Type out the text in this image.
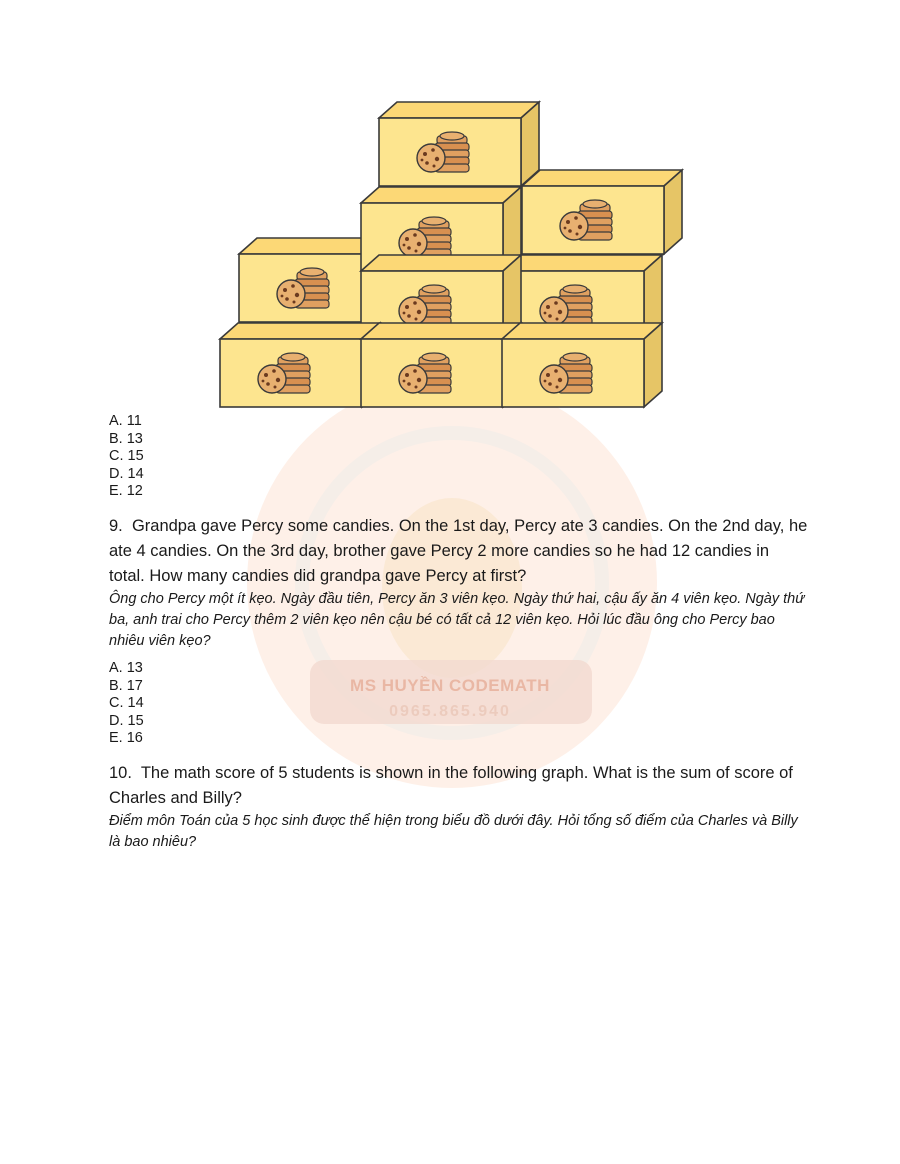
MS HUYỀN CODEMATH
0965.865.940
A. 11
B. 13
C. 15
D. 14
E. 12

9. Grandpa gave Percy some candies. On the 1st day, Percy ate 3 candies. On the 2nd day, he ate 4 candies. On the 3rd day, brother gave Percy 2 more candies so he had 12 candies in total. How many candies did grandpa gave Percy at first?

Ông cho Percy một ít kẹo. Ngày đầu tiên, Percy ăn 3 viên kẹo. Ngày thứ hai, cậu ấy ăn 4 viên kẹo. Ngày thứ ba, anh trai cho Percy thêm 2 viên kẹo nên cậu bé có tất cả 12 viên kẹo. Hỏi lúc đầu ông cho Percy bao nhiêu viên kẹo?

A. 13
B. 17
C. 14
D. 15
E. 16

10. The math score of 5 students is shown in the following graph. What is the sum of score of Charles and Billy?

Điểm môn Toán của 5 học sinh được thể hiện trong biểu đồ dưới đây. Hỏi tổng số điểm của Charles và Billy là bao nhiêu?
